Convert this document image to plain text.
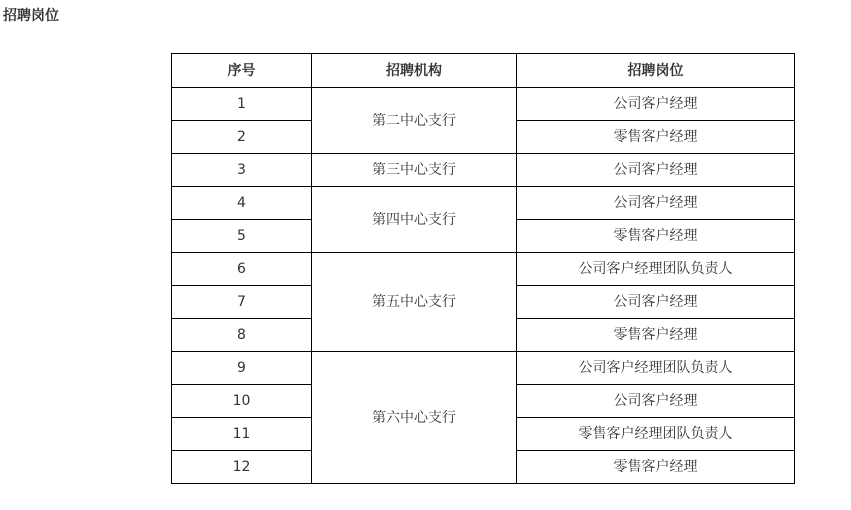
招聘岗位
序号	招聘机构	招聘岗位
1	第二中心支行	公司客户经理
2		零售客户经理
3	第三中心支行	公司客户经理
4	第四中心支行	公司客户经理
5		零售客户经理
6	第五中心支行	公司客户经理团队负责人
7		公司客户经理
8		零售客户经理
9	第六中心支行	公司客户经理团队负责人
10		公司客户经理
11		零售客户经理团队负责人
12		零售客户经理
